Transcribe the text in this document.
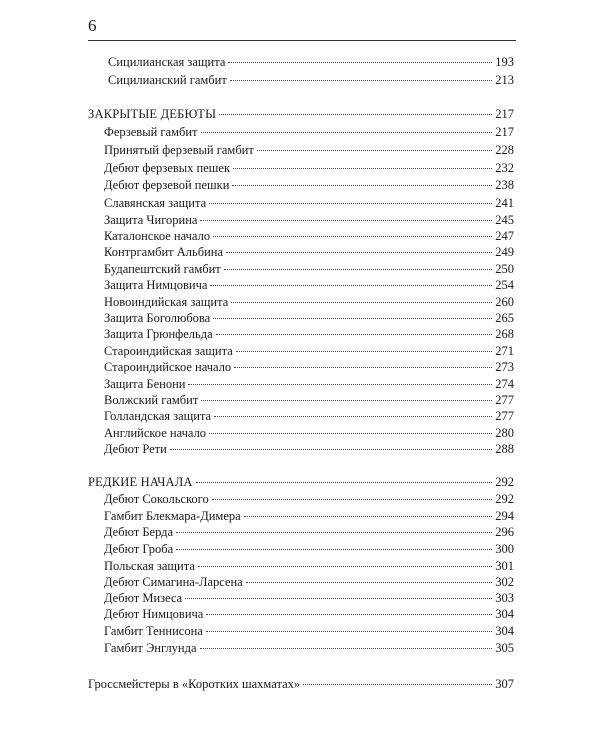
6
Сицилианская защита	193
Сицилианский гамбит	213
ЗАКРЫТЫЕ ДЕБЮТЫ	217
Ферзевый гамбит	217
Принятый ферзевый гамбит	228
Дебют ферзевых пешек	232
Дебют ферзевой пешки	238
Славянская защита	241
Защита Чигорина	245
Каталонское начало	247
Контргамбит Альбина	249
Будапештский гамбит	250
Защита Нимцовича	254
Новоиндийская защита	260
Защита Боголюбова	265
Защита Грюнфельда	268
Староиндийская защита	271
Староиндийское начало	273
Защита Бенони	274
Волжский гамбит	277
Голландская защита	277
Английское начало	280
Дебют Рети	288
РЕДКИЕ НАЧАЛА	292
Дебют Сокольского	292
Гамбит Блекмара-Димера	294
Дебют Берда	296
Дебют Гроба	300
Польская защита	301
Дебют Симагина-Ларсена	302
Дебют Мизеса	303
Дебют Нимцовича	304
Гамбит Теннисона	304
Гамбит Энглунда	305
Гроссмейстеры в «Коротких шахматах»	307
